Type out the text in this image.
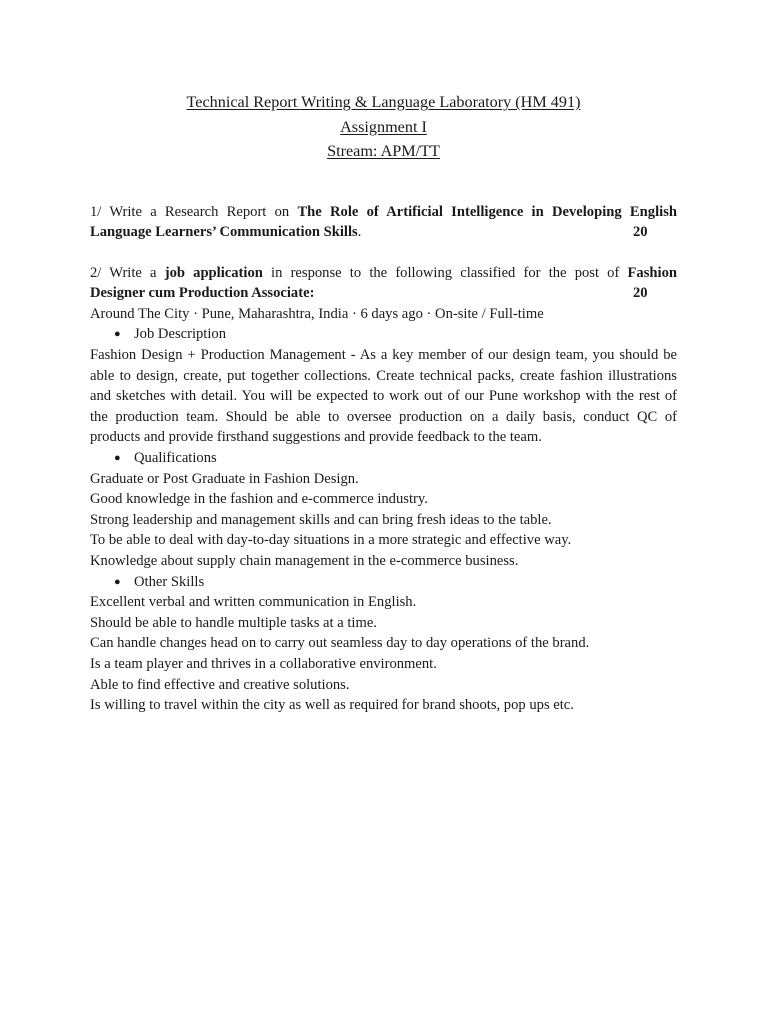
Technical Report Writing & Language Laboratory (HM 491)
Assignment I
Stream: APM/TT
1/ Write a Research Report on The Role of Artificial Intelligence in Developing English
Language Learners’ Communication Skills.	20
2/ Write a job application in response to the following classified for the post of Fashion
Designer cum Production Associate:	20
Around The City · Pune, Maharashtra, India · 6 days ago · On-site / Full-time
● Job Description
Fashion Design + Production Management - As a key member of our design team, you should be
able to design, create, put together collections. Create technical packs, create fashion illustrations
and sketches with detail. You will be expected to work out of our Pune workshop with the rest of
the production team. Should be able to oversee production on a daily basis, conduct QC of
products and provide firsthand suggestions and provide feedback to the team.
● Qualifications
Graduate or Post Graduate in Fashion Design.
Good knowledge in the fashion and e-commerce industry.
Strong leadership and management skills and can bring fresh ideas to the table.
To be able to deal with day-to-day situations in a more strategic and effective way.
Knowledge about supply chain management in the e-commerce business.
● Other Skills
Excellent verbal and written communication in English.
Should be able to handle multiple tasks at a time.
Can handle changes head on to carry out seamless day to day operations of the brand.
Is a team player and thrives in a collaborative environment.
Able to find effective and creative solutions.
Is willing to travel within the city as well as required for brand shoots, pop ups etc.
